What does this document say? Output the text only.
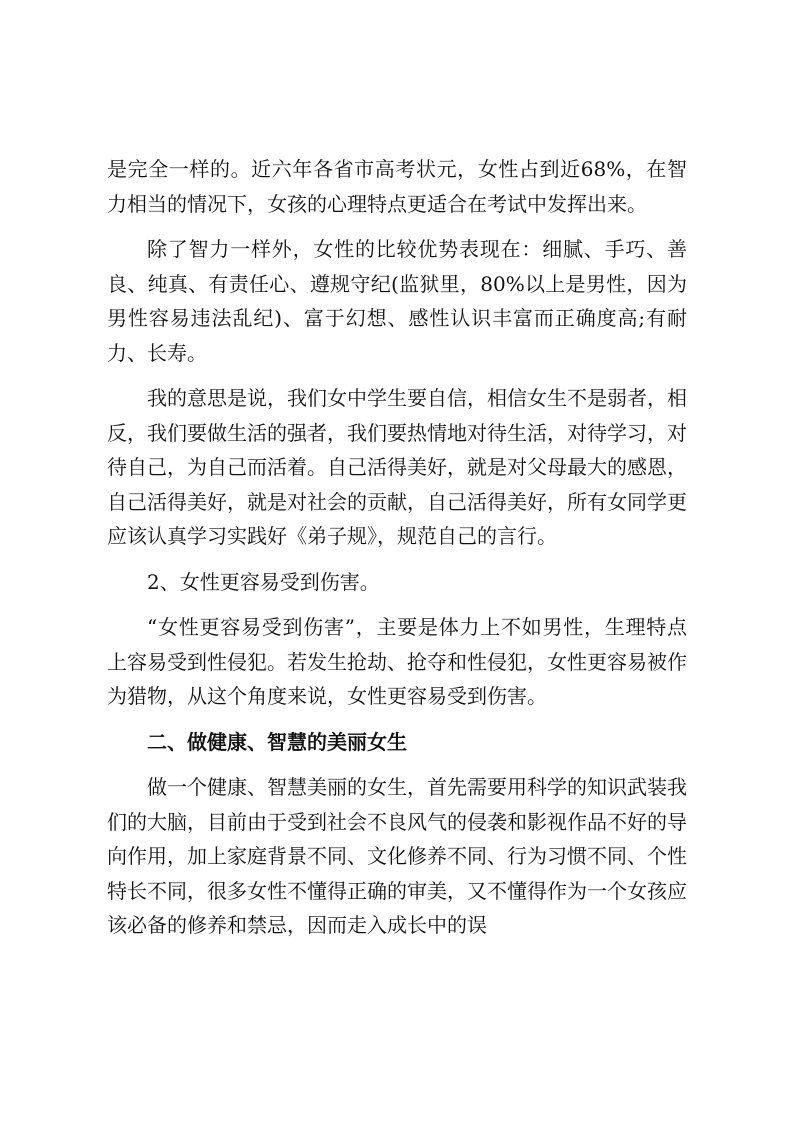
是完全一样的。近六年各省市高考状元，女性占到近68%，在智力相当的情况下，女孩的心理特点更适合在考试中发挥出来。

除了智力一样外，女性的比较优势表现在：细腻、手巧、善良、纯真、有责任心、遵规守纪(监狱里，80%以上是男性，因为男性容易违法乱纪)、富于幻想、感性认识丰富而正确度高;有耐力、长寿。

我的意思是说，我们女中学生要自信，相信女生不是弱者，相反，我们要做生活的强者，我们要热情地对待生活，对待学习，对待自己，为自己而活着。自己活得美好，就是对父母最大的感恩，自己活得美好，就是对社会的贡献，自己活得美好，所有女同学更应该认真学习实践好《弟子规》，规范自己的言行。

2、女性更容易受到伤害。

“女性更容易受到伤害”，主要是体力上不如男性，生理特点上容易受到性侵犯。若发生抢劫、抢夺和性侵犯，女性更容易被作为猎物，从这个角度来说，女性更容易受到伤害。

二、做健康、智慧的美丽女生

做一个健康、智慧美丽的女生，首先需要用科学的知识武装我们的大脑，目前由于受到社会不良风气的侵袭和影视作品不好的导向作用，加上家庭背景不同、文化修养不同、行为习惯不同、个性特长不同，很多女性不懂得正确的审美，又不懂得作为一个女孩应该必备的修养和禁忌，因而走入成长中的误
